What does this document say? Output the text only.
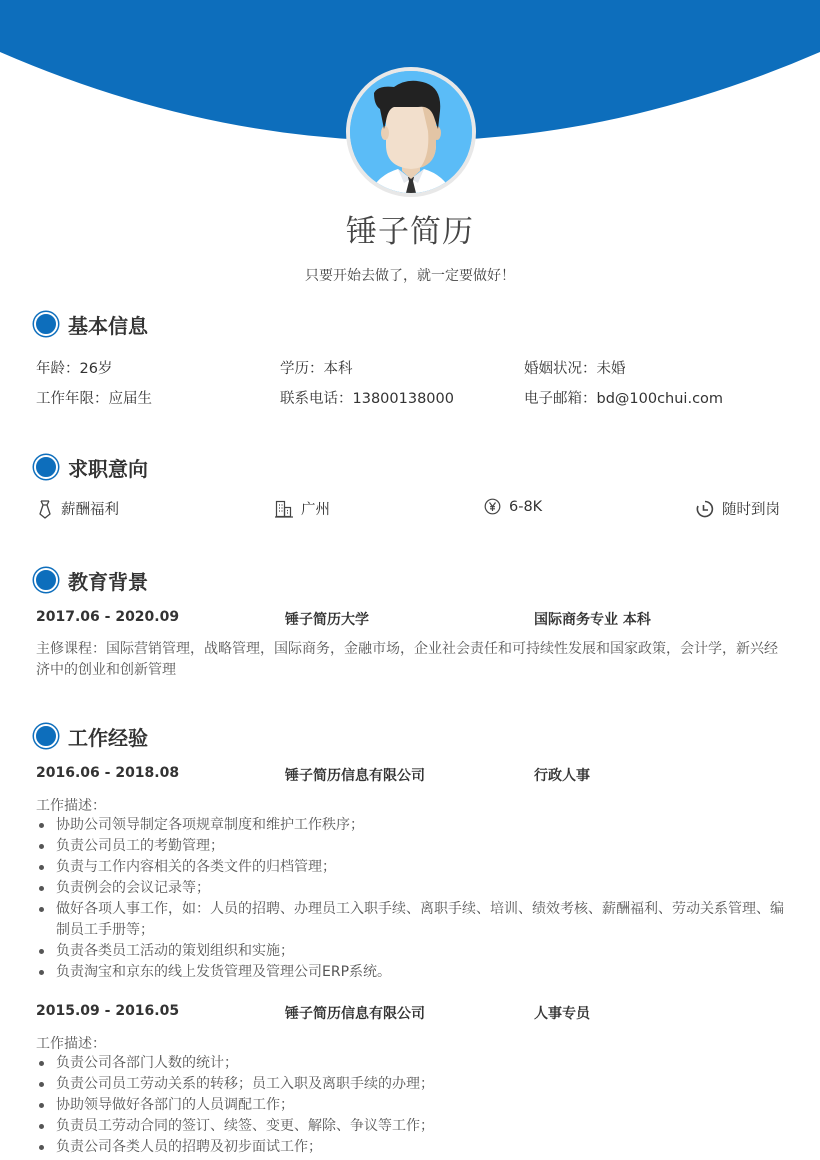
锤子简历
只要开始去做了，就一定要做好！
基本信息
年龄：26岁	学历：本科	婚姻状况：未婚
工作年限：应届生	联系电话：13800138000	电子邮箱：bd@100chui.com
求职意向
薪酬福利	广州	6-8K	随时到岗
教育背景
2017.06 - 2020.09	锤子简历大学	国际商务专业 本科
主修课程：国际营销管理，战略管理，国际商务，金融市场，企业社会责任和可持续性发展和国家政策，会计学，新兴经济中的创业和创新管理
工作经验
2016.06 - 2018.08	锤子简历信息有限公司	行政人事
工作描述：
协助公司领导制定各项规章制度和维护工作秩序；
负责公司员工的考勤管理；
负责与工作内容相关的各类文件的归档管理；
负责例会的会议记录等；
做好各项人事工作，如：人员的招聘、办理员工入职手续、离职手续、培训、绩效考核、薪酬福利、劳动关系管理、编制员工手册等；
负责各类员工活动的策划组织和实施；
负责淘宝和京东的线上发货管理及管理公司ERP系统。
2015.09 - 2016.05	锤子简历信息有限公司	人事专员
工作描述：
负责公司各部门人数的统计；
负责公司员工劳动关系的转移；员工入职及离职手续的办理；
协助领导做好各部门的人员调配工作；
负责员工劳动合同的签订、续签、变更、解除、争议等工作；
负责公司各类人员的招聘及初步面试工作；
